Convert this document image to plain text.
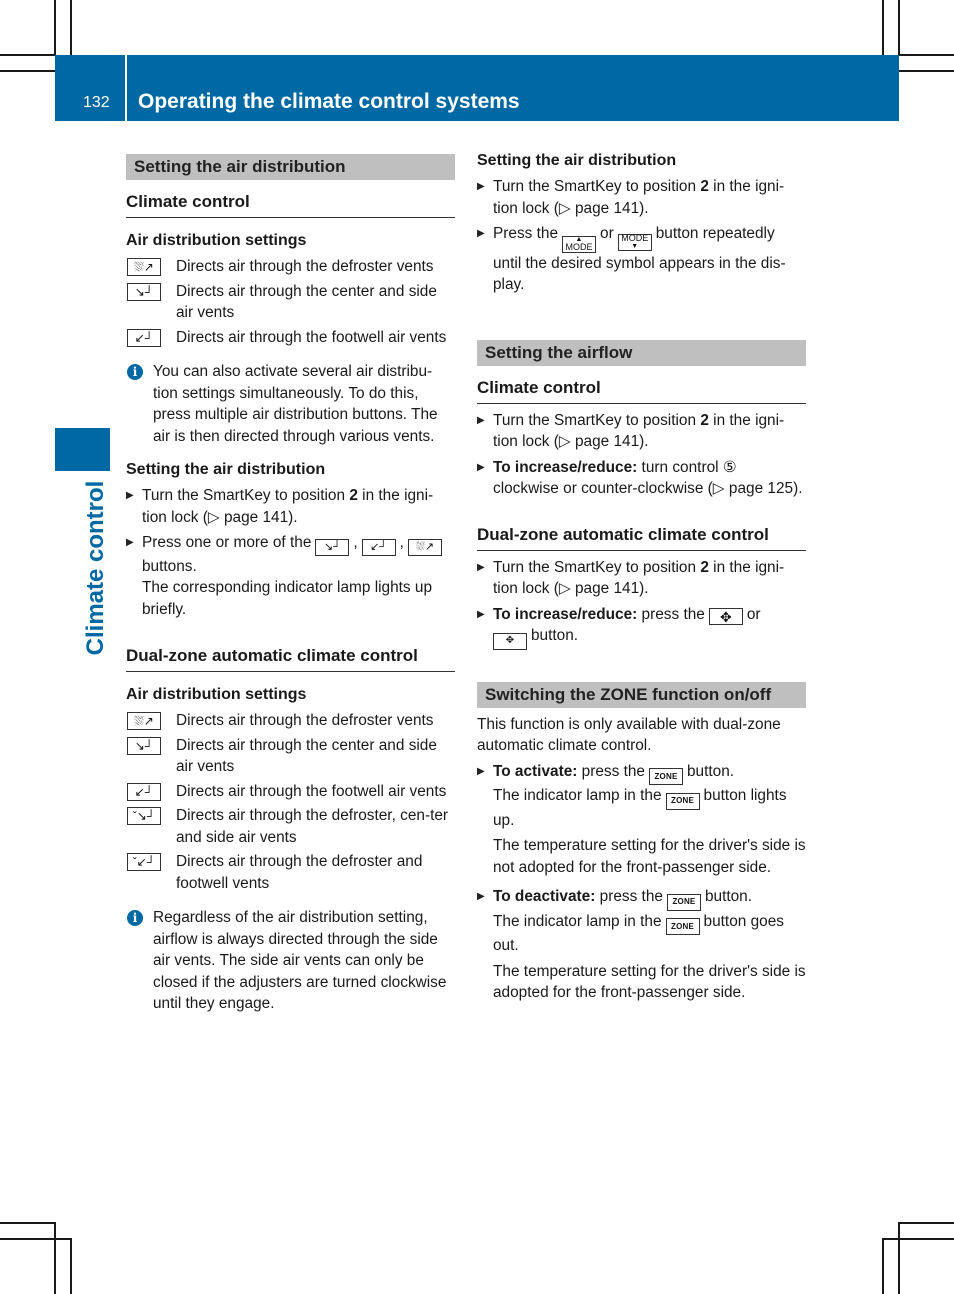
132 Operating the climate control systems
Climate control
Setting the air distribution
Climate control
Air distribution settings
⛆↗	Directs air through the defroster vents
↘┘	Directs air through the center and side air vents
↙┘	Directs air through the footwell air vents
i	You can also activate several air distribu-tion settings simultaneously. To do this, press multiple air distribution buttons. The air is then directed through various vents.
Setting the air distribution
▶ Turn the SmartKey to position 2 in the igni-tion lock (▷ page 141).
▶ Press one or more of the ↘┘ , ↙┘ , ⛆↗
buttons.
The corresponding indicator lamp lights up briefly.
Dual-zone automatic climate control
Air distribution settings
⛆↗	Directs air through the defroster vents
↘┘	Directs air through the center and side air vents
↙┘	Directs air through the footwell air vents
ˇ↘┘	Directs air through the defroster, cen-ter and side air vents
ˇ↙┘	Directs air through the defroster and footwell vents
i	Regardless of the air distribution setting, airflow is always directed through the side air vents. The side air vents can only be closed if the adjusters are turned clockwise until they engage.
Setting the air distribution
▶ Turn the SmartKey to position 2 in the igni-tion lock (▷ page 141).
▶ Press the	▲
MODE
or MODE
▼
button repeatedly until the desired symbol appears in the dis-play.
Setting the airflow
Climate control
▶ Turn the SmartKey to position 2 in the igni-tion lock (▷ page 141).
▶ To increase/reduce: turn control ⑤ clockwise or counter-clockwise (▷ page 125).
Dual-zone automatic climate control
▶ Turn the SmartKey to position 2 in the igni-tion lock (▷ page 141).
▶ To increase/reduce: press the ✥ or
✥ button.
Switching the ZONE function on/off

This function is only available with dual-zone automatic climate control.

▶ To activate: press the ZONE button.
The indicator lamp in the ZONE button lights up.
The temperature setting for the driver's side is not adopted for the front-passenger side.
▶ To deactivate: press the ZONE button.
The indicator lamp in the ZONE button goes out.
The temperature setting for the driver's side is adopted for the front-passenger side.
